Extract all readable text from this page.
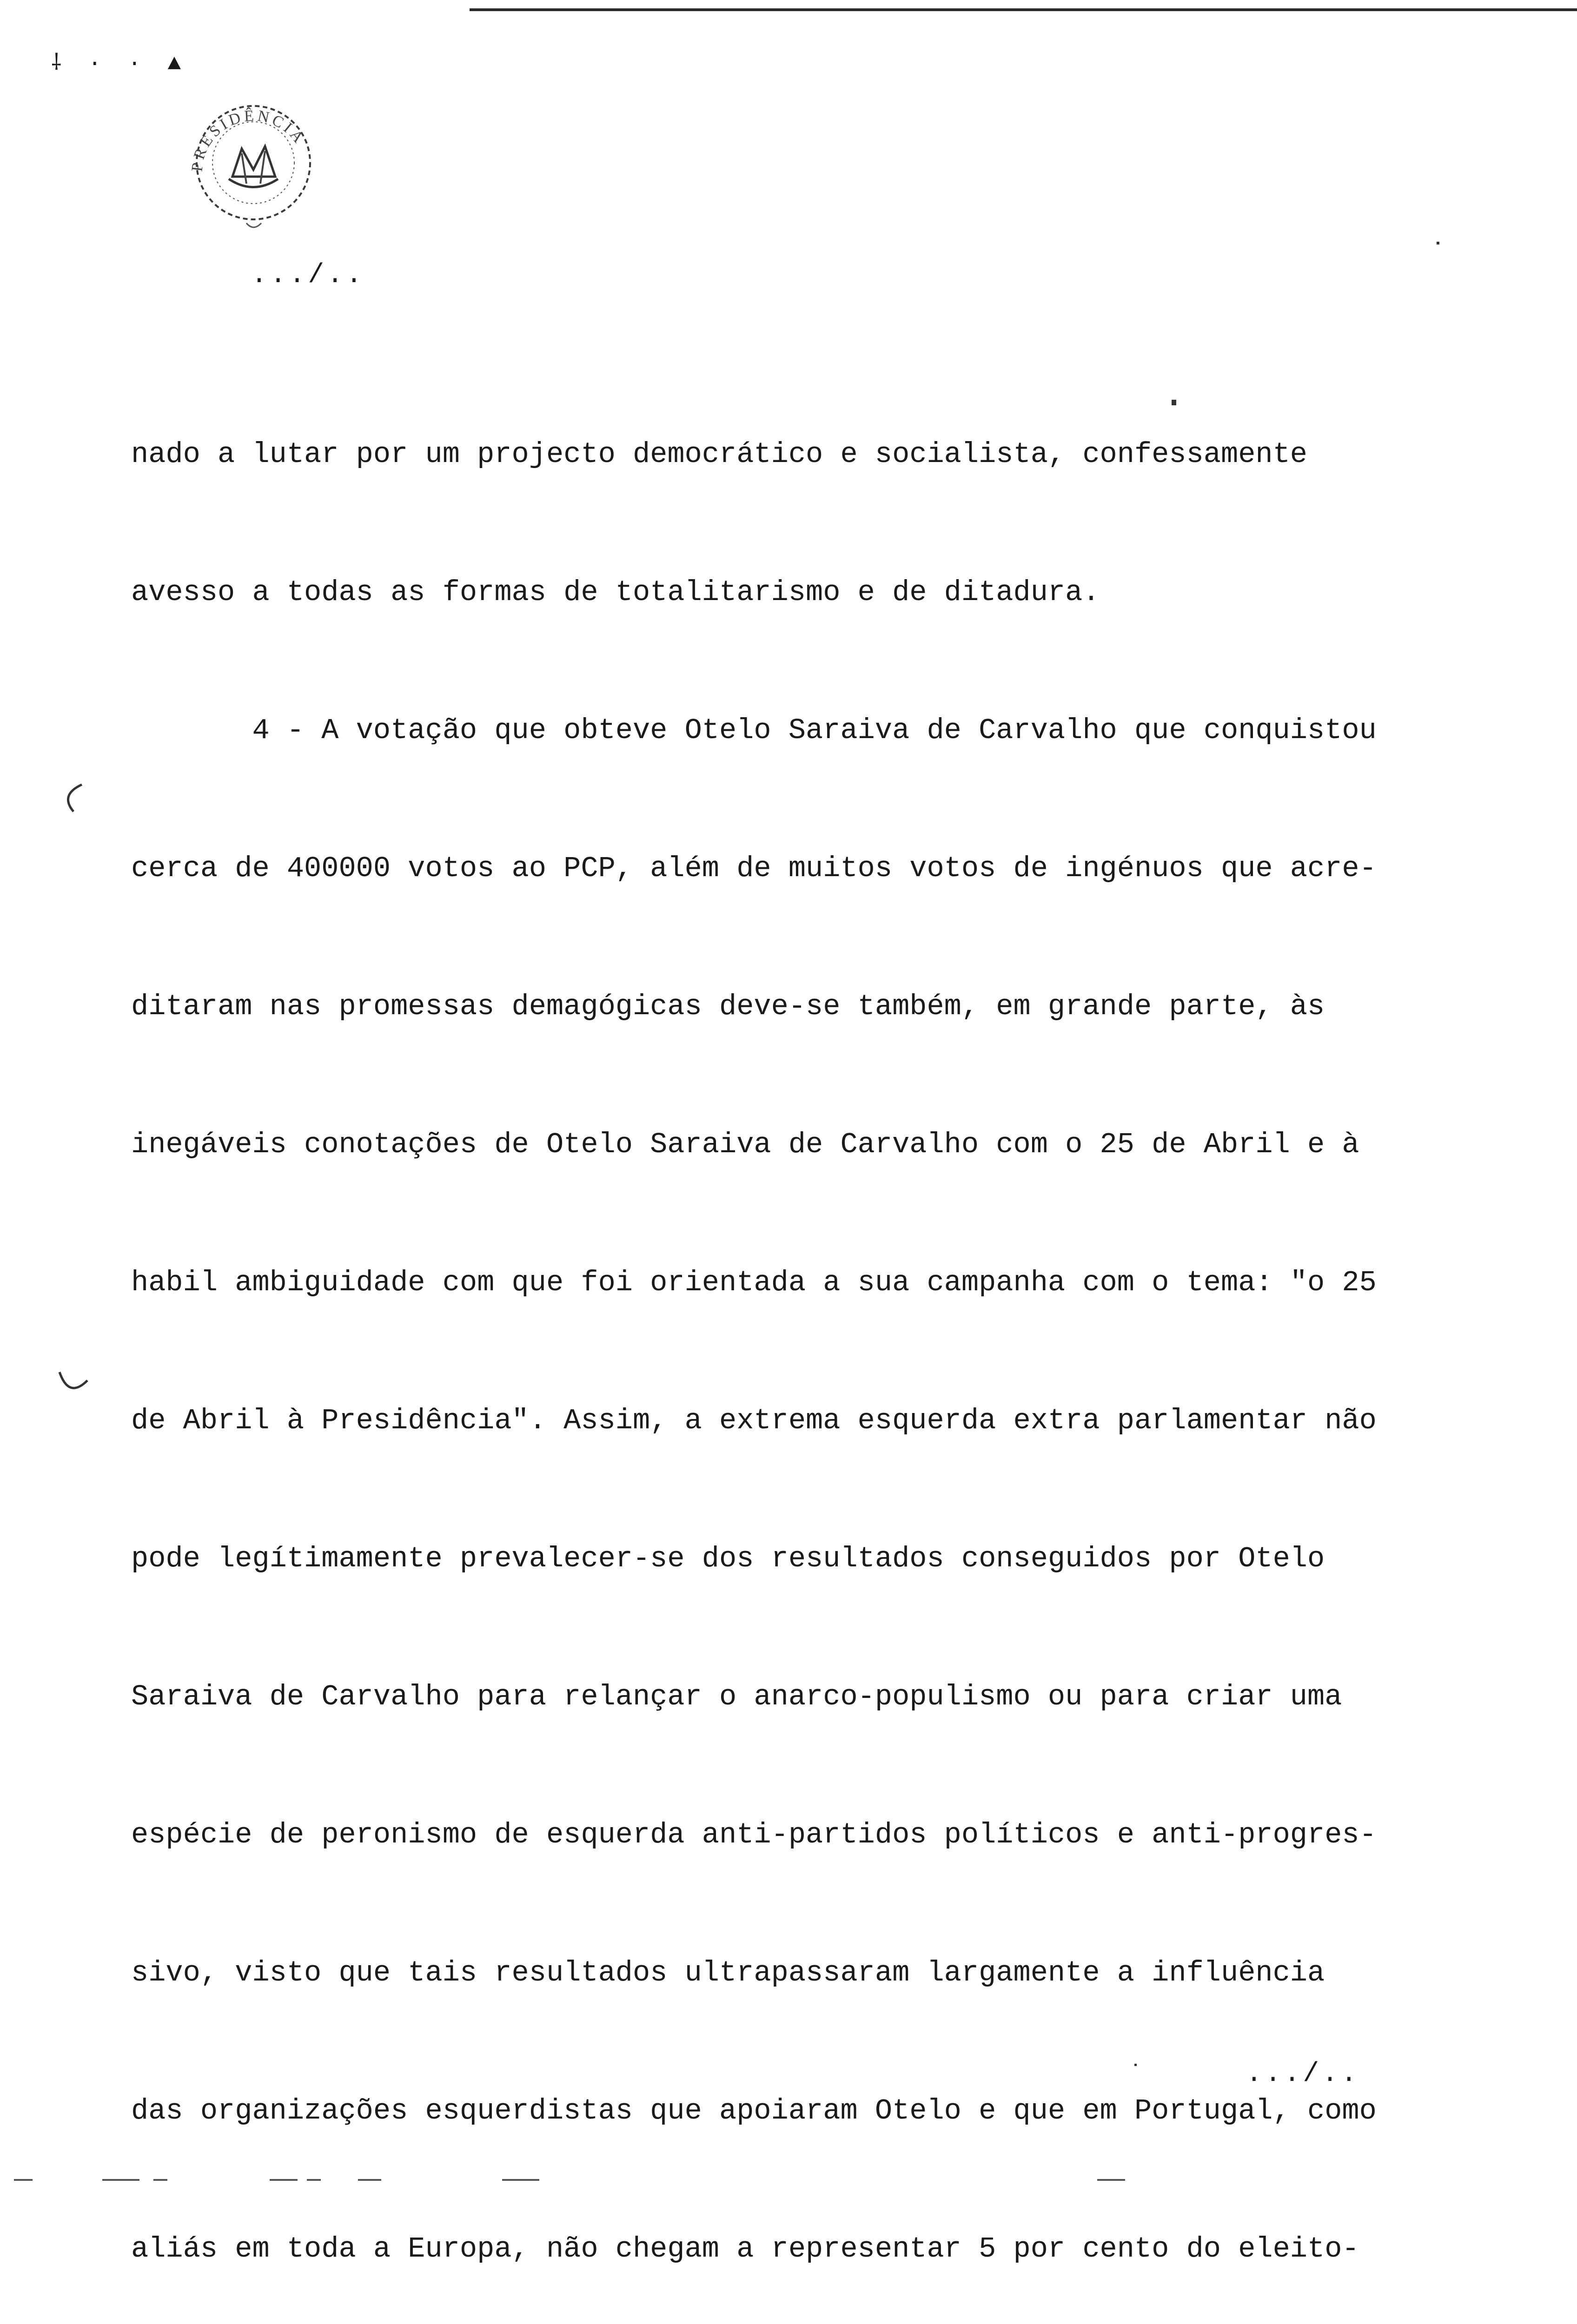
⸸ · · ▲
PRESIDÊNCIA
.../..

nado a lutar por um projecto democrático e socialista, confessamente

avesso a todas as formas de totalitarismo e de ditadura.

4 - A votação que obteve Otelo Saraiva de Carvalho que conquistou

cerca de 400000 votos ao PCP, além de muitos votos de ingénuos que acre-

ditaram nas promessas demagógicas deve-se também, em grande parte, às

inegáveis conotações de Otelo Saraiva de Carvalho com o 25 de Abril e à

habil ambiguidade com que foi orientada a sua campanha com o tema: "o 25

de Abril à Presidência". Assim, a extrema esquerda extra parlamentar não

pode legítimamente prevalecer-se dos resultados conseguidos por Otelo

Saraiva de Carvalho para relançar o anarco-populismo ou para criar uma

espécie de peronismo de esquerda anti-partidos políticos e anti-progres-

sivo, visto que tais resultados ultrapassaram largamente a influência

das organizações esquerdistas que apoiaram Otelo e que em Portugal, como

aliás em toda a Europa, não chegam a representar 5 por cento do eleito-

.../..
